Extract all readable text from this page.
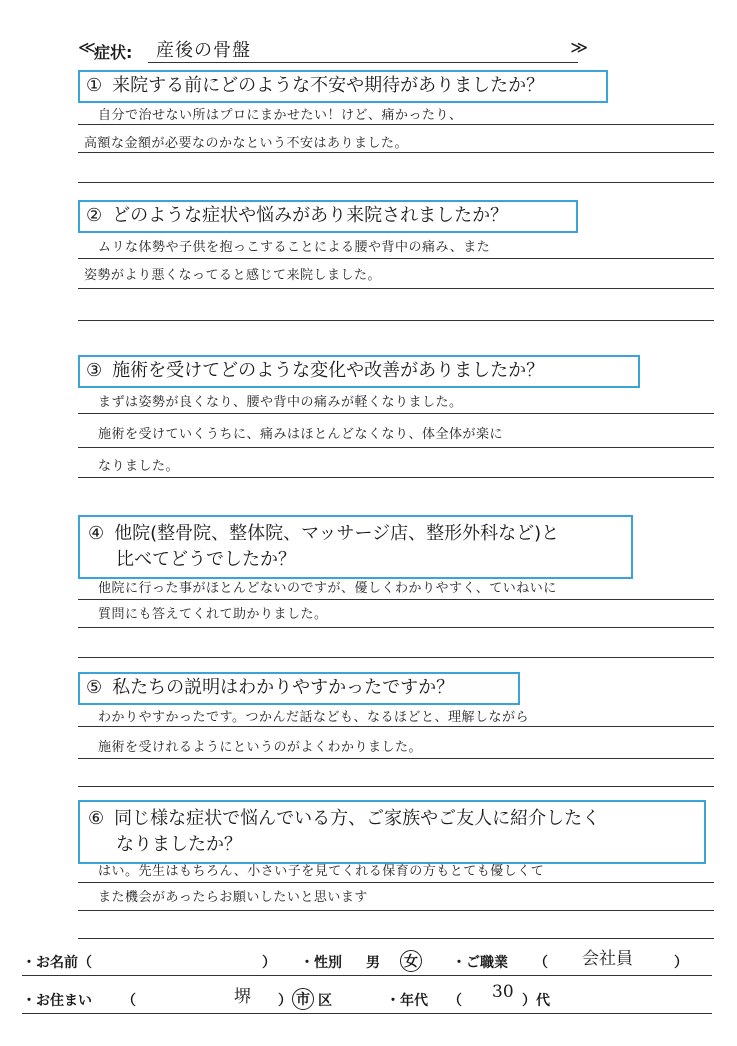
≪
症状: 産後の骨盤	≫
① 来院する前にどのような不安や期待がありましたか？
自分で治せない所はプロにまかせたい！けど、痛かったり、
高額な金額が必要なのかなという不安はありました。
② どのような症状や悩みがあり来院されましたか？
ムリな体勢や子供を抱っこすることによる腰や背中の痛み、また
姿勢がより悪くなってると感じて来院しました。
③ 施術を受けてどのような変化や改善がありましたか？
まずは姿勢が良くなり、腰や背中の痛みが軽くなりました。
施術を受けていくうちに、痛みはほとんどなくなり、体全体が楽に
なりました。
④ 他院(整骨院、整体院、マッサージ店、整形外科など)と
比べてどうでしたか？
他院に行った事がほとんどないのですが、優しくわかりやすく、ていねいに
質問にも答えてくれて助かりました。
⑤ 私たちの説明はわかりやすかったですか？
わかりやすかったです。つかんだ話なども、なるほどと、理解しながら
施術を受けれるようにというのがよくわかりました。
⑥ 同じ様な症状で悩んでいる方、ご家族やご友人に紹介したく
なりましたか？
はい。先生はもちろん、小さい子を見てくれる保育の方もとても優しくて
また機会があったらお願いしたいと思います
・お名前（	） ・性別 男 女 ・ご職業 （ 会社員	）
・お住まい （	堺 ） 市 区	・年代 （ 30 ）代
